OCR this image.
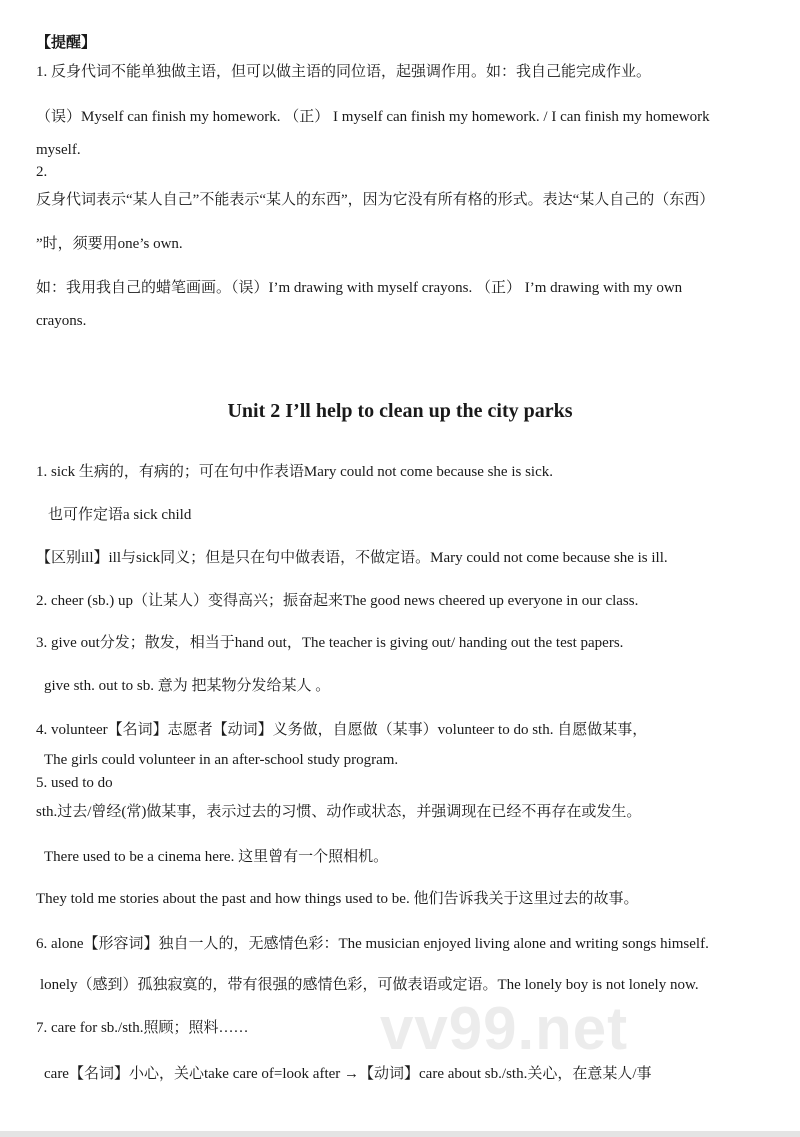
【提醒】
1. 反身代词不能单独做主语，但可以做主语的同位语，起强调作用。如：我自己能完成作业。
（误）Myself can finish my homework. （正） I myself can finish my homework. / I can finish my homework
myself.
2.
反身代词表示“某人自己”不能表示“某人的东西”，因为它没有所有格的形式。表达“某人自己的（东西）
”时，须要用one’s own.
如：我用我自己的蜡笔画画。（误）I’m drawing with myself crayons. （正） I’m drawing with my own
crayons.
Unit 2 I’ll help to clean up the city parks
1. sick 生病的，有病的；可在句中作表语Mary could not come because she is sick.
也可作定语a sick child
【区别ill】ill与sick同义；但是只在句中做表语，不做定语。Mary could not come because she is ill.
2. cheer (sb.) up（让某人）变得高兴；振奋起来The good news cheered up everyone in our class.
3. give out分发；散发，相当于hand out，The teacher is giving out/ handing out the test papers.
give sth. out to sb. 意为 把某物分发给某人 。
4. volunteer【名词】志愿者【动词】义务做，自愿做（某事）volunteer to do sth. 自愿做某事，
The girls could volunteer in an after-school study program.
5. used to do
sth.过去/曾经(常)做某事，表示过去的习惯、动作或状态，并强调现在已经不再存在或发生。
There used to be a cinema here. 这里曾有一个照相机。
They told me stories about the past and how things used to be. 他们告诉我关于这里过去的故事。
6. alone【形容词】独自一人的，无感情色彩：The musician enjoyed living alone and writing songs himself.
lonely（感到）孤独寂寞的，带有很强的感情色彩，可做表语或定语。The lonely boy is not lonely now.
7. care for sb./sth.照顾；照料……
care【名词】小心，关心take care of=look after →【动词】care about sb./sth.关心，在意某人/事
vv99.net
